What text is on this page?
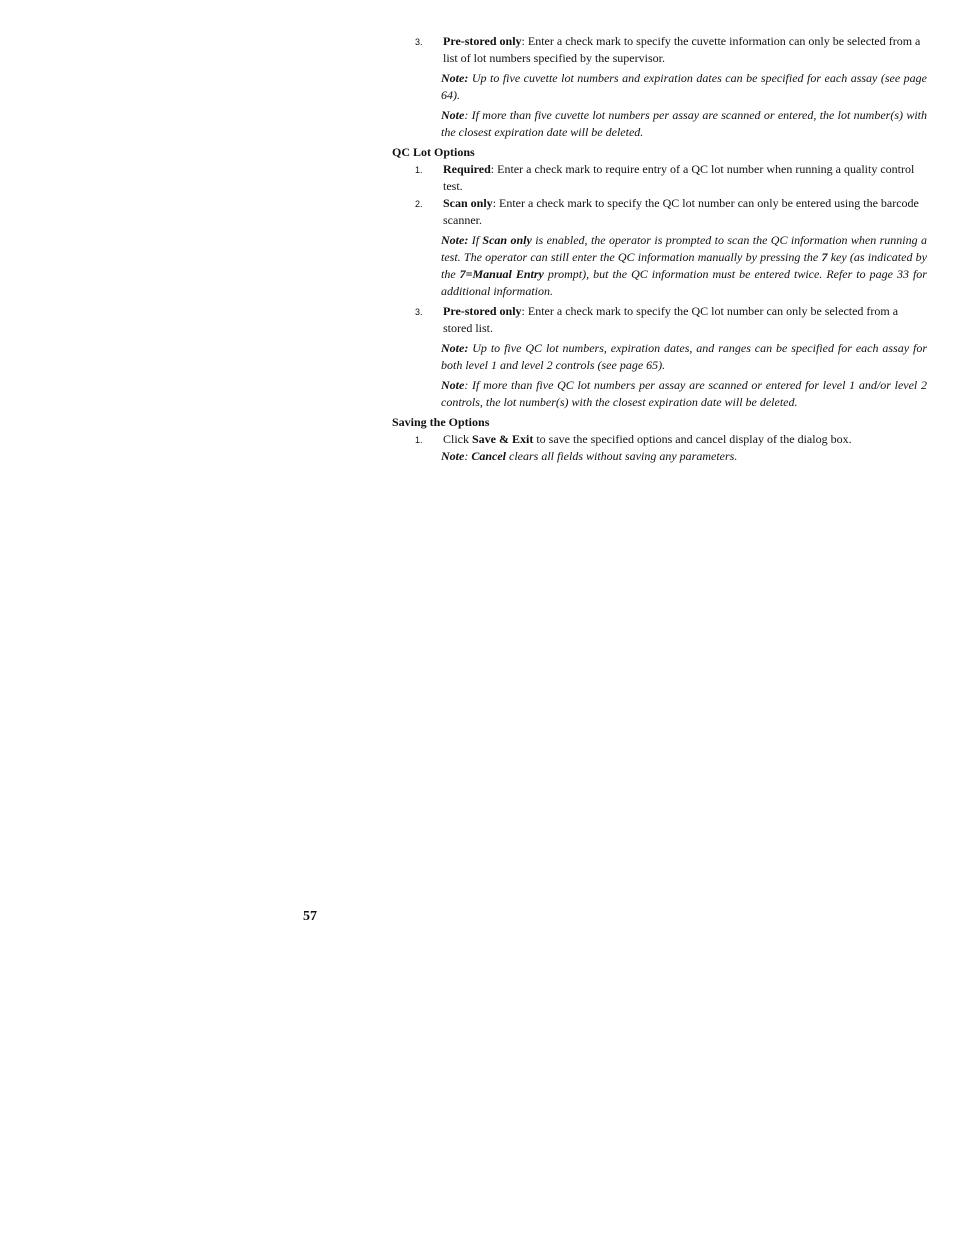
3. Pre-stored only: Enter a check mark to specify the cuvette information can only be selected from a list of lot numbers specified by the supervisor.
Note: Up to five cuvette lot numbers and expiration dates can be specified for each assay (see page 64).
Note: If more than five cuvette lot numbers per assay are scanned or entered, the lot number(s) with the closest expiration date will be deleted.
QC Lot Options
1. Required: Enter a check mark to require entry of a QC lot number when running a quality control test.
2. Scan only: Enter a check mark to specify the QC lot number can only be entered using the barcode scanner.
Note: If Scan only is enabled, the operator is prompted to scan the QC information when running a test. The operator can still enter the QC information manually by pressing the 7 key (as indicated by the 7=Manual Entry prompt), but the QC information must be entered twice. Refer to page 33 for additional information.
3. Pre-stored only: Enter a check mark to specify the QC lot number can only be selected from a stored list.
Note: Up to five QC lot numbers, expiration dates, and ranges can be specified for each assay for both level 1 and level 2 controls (see page 65).
Note: If more than five QC lot numbers per assay are scanned or entered for level 1 and/or level 2 controls, the lot number(s) with the closest expiration date will be deleted.
Saving the Options
1. Click Save & Exit to save the specified options and cancel display of the dialog box.
Note: Cancel clears all fields without saving any parameters.
57
